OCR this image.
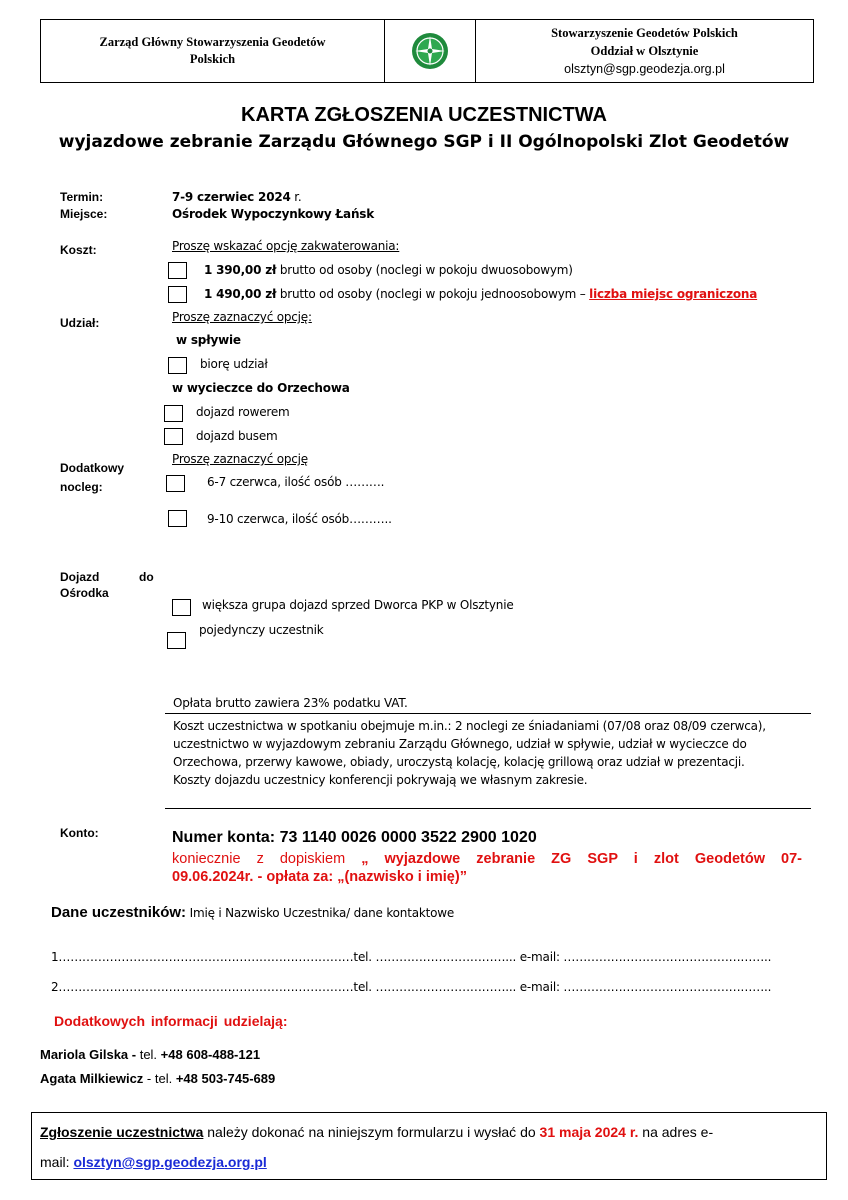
Zarząd Główny Stowarzyszenia Geodetów
Polskich
Stowarzyszenie Geodetów Polskich
Oddział w Olsztynie
olsztyn@sgp.geodezja.org.pl
KARTA ZGŁOSZENIA UCZESTNICTWA
wyjazdowe zebranie Zarządu Głównego SGP i II Ogólnopolski Zlot Geodetów
Termin:	7-9 czerwiec 2024 r.
Miejsce:	Ośrodek Wypoczynkowy Łańsk
Koszt:	Proszę wskazać opcję zakwaterowania:
1 390,00 zł brutto od osoby (noclegi w pokoju dwuosobowym)
1 490,00 zł brutto od osoby (noclegi w pokoju jednoosobowym – liczba miejsc ograniczona
Udział:	Proszę zaznaczyć opcję:
w spływie
biorę udział
w wycieczce do Orzechowa
dojazd rowerem
dojazd busem
Dodatkowy
nocleg:
Proszę zaznaczyć opcję
6-7 czerwca, ilość osób ……….
9-10 czerwca, ilość osób………..
Dojazd	do
Ośrodka
większa grupa dojazd sprzed Dworca PKP w Olsztynie
pojedynczy uczestnik
Opłata brutto zawiera 23% podatku VAT.
Koszt uczestnictwa w spotkaniu obejmuje m.in.: 2 noclegi ze śniadaniami (07/08 oraz 08/09 czerwca),
uczestnictwo w wyjazdowym zebraniu Zarządu Głównego, udział w spływie, udział w wycieczce do
Orzechowa, przerwy kawowe, obiady, uroczystą kolację, kolację grillową oraz udział w prezentacji.
Koszty dojazdu uczestnicy konferencji pokrywają we własnym zakresie.
Konto:	Numer konta: 73 1140 0026 0000 3522 2900 1020
koniecznie z dopiskiem „ wyjazdowe zebranie ZG SGP i zlot Geodetów 07-
09.06.2024r. - opłata za: „(nazwisko i imię)”
Dane uczestników: Imię i Nazwisko Uczestnika/ dane kontaktowe
1…………………………………………………………………tel. ……………………………... e-mail: ……………………………………………..
2…………………………………………………………………tel. ……………………………... e-mail: ……………………………………………..
Dodatkowych informacji udzielają:
Mariola Gilska - tel. +48 608-488-121
Agata Milkiewicz - tel. +48 503-745-689
Zgłoszenie uczestnictwa należy dokonać na niniejszym formularzu i wysłać do 31 maja 2024 r. na adres e-
mail: olsztyn@sgp.geodezja.org.pl
